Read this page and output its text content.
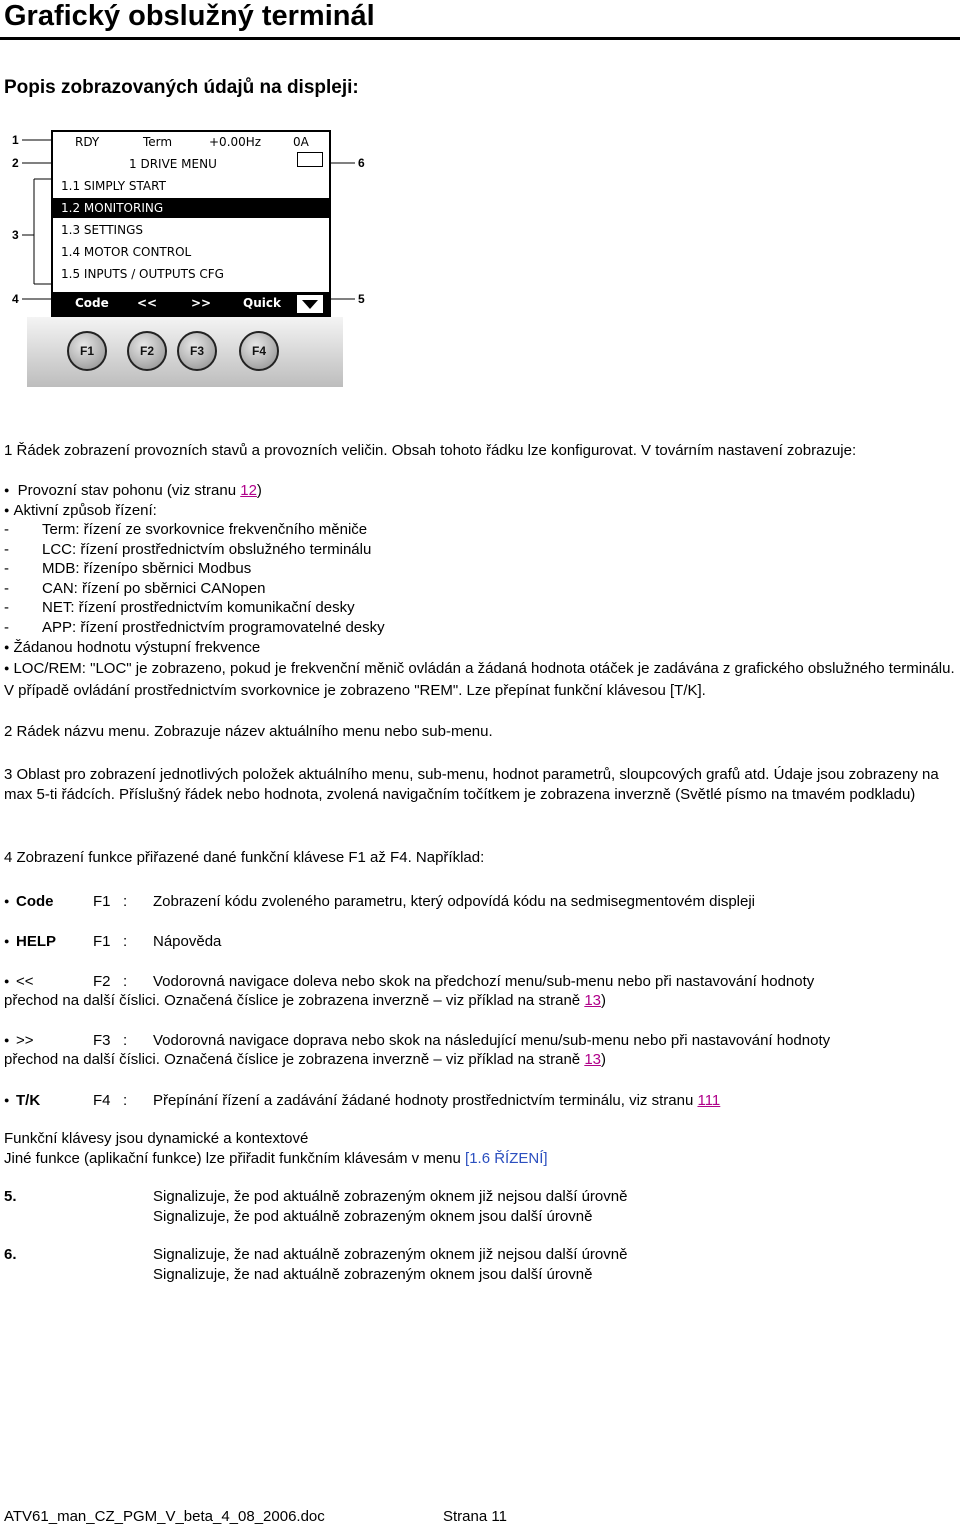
Grafický obslužný terminál
Popis zobrazovaných údajů na displeji:
1
2
3
4	5
6
RDY	Term	+0.00Hz	0A
1 DRIVE MENU
1.1 SIMPLY START
1.2 MONITORING
1.3 SETTINGS
1.4 MOTOR CONTROL
1.5 INPUTS / OUTPUTS CFG
Code <<	>>	Quick
F1	F2	F3	F4
1 Řádek zobrazení provozních stavů a provozních veličin. Obsah tohoto řádku lze konfigurovat. V továrním nastavení zobrazuje:
● Provozní stav pohonu (viz stranu 12)
● Aktivní způsob řízení:
- Term: řízení ze svorkovnice frekvenčního měniče
- LCC: řízení prostřednictvím obslužného terminálu
- MDB: řízenípo sběrnici Modbus
- CAN: řízení po sběrnici CANopen
- NET: řízení prostřednictvím komunikační desky
- APP: řízení prostřednictvím programovatelné desky
● Žádanou hodnotu výstupní frekvence
● LOC/REM: "LOC" je zobrazeno, pokud je frekvenční měnič ovládán a žádaná hodnota otáček je zadávána z grafického obslužného terminálu. V případě ovládání prostřednictvím svorkovnice je zobrazeno "REM". Lze přepínat funkční klávesou [T/K].
2 Rádek názvu menu. Zobrazuje název aktuálního menu nebo sub-menu.
3 Oblast pro zobrazení jednotlivých položek aktuálního menu, sub-menu, hodnot parametrů, sloupcových grafů atd. Údaje jsou zobrazeny na max 5-ti řádcích. Příslušný řádek nebo hodnota, zvolená navigačním točítkem je zobrazena inverzně (Světlé písmo na tmavém podkladu)
4 Zobrazení funkce přiřazené dané funkční klávese F1 až F4. Například:
● Code	F1 : Zobrazení kódu zvoleného parametru, který odpovídá kódu na sedmisegmentovém displeji
● HELP F1 : Nápověda
● <<	F2 : Vodorovná navigace doleva nebo skok na předchozí menu/sub-menu nebo při nastavování hodnoty
přechod na další číslici. Označená číslice je zobrazena inverzně – viz příklad na straně 13)
● >>	F3 : Vodorovná navigace doprava nebo skok na následující menu/sub-menu nebo při nastavování hodnoty
přechod na další číslici. Označená číslice je zobrazena inverzně – viz příklad na straně 13)
● T/K	F4 : Přepínání řízení a zadávání žádané hodnoty prostřednictvím terminálu, viz stranu 111
Funkční klávesy jsou dynamické a kontextové
Jiné funkce (aplikační funkce) lze přiřadit funkčním klávesám v menu [1.6 ŘÍZENÍ]
5.	Signalizuje, že pod aktuálně zobrazeným oknem již nejsou další úrovně
Signalizuje, že pod aktuálně zobrazeným oknem jsou další úrovně
6.	Signalizuje, že nad aktuálně zobrazeným oknem již nejsou další úrovně
Signalizuje, že nad aktuálně zobrazeným oknem jsou další úrovně
ATV61_man_CZ_PGM_V_beta_4_08_2006.doc	Strana 11
